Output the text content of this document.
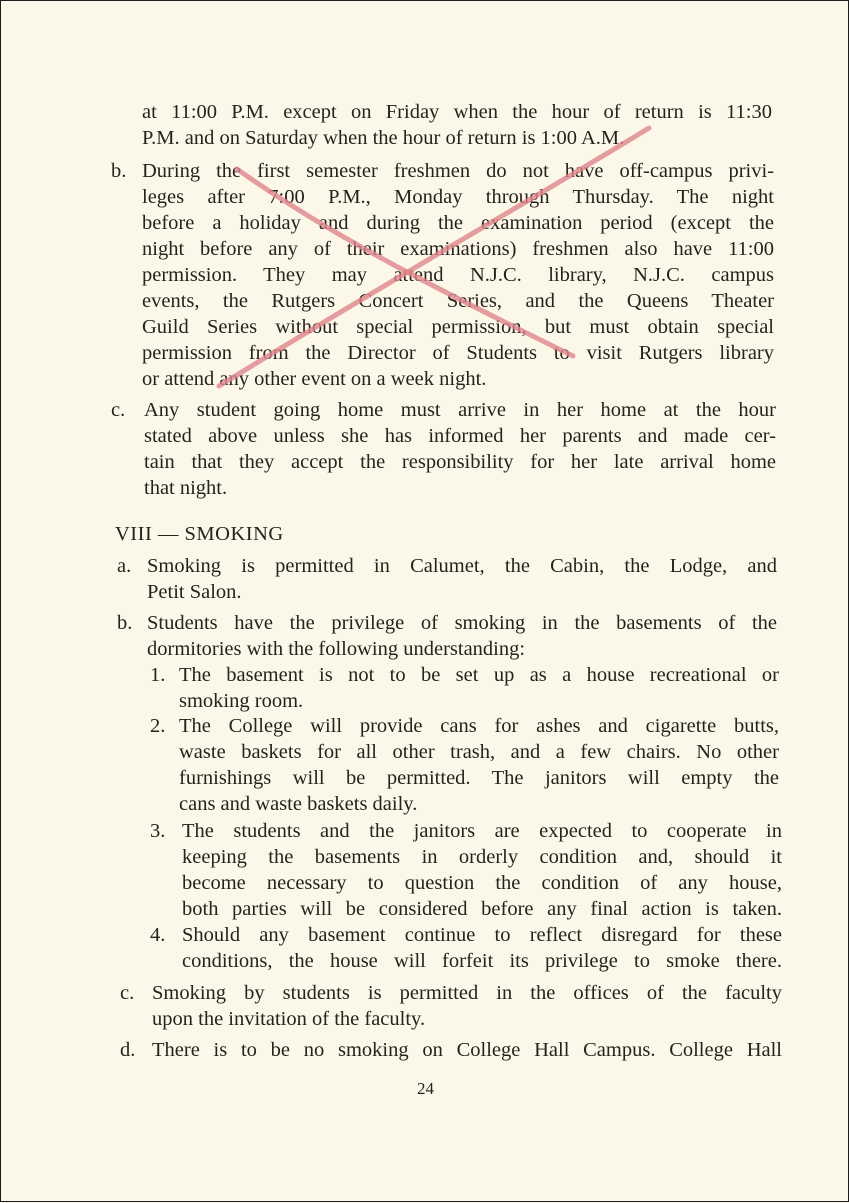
at 11:00 P.M. except on Friday when the hour of return is 11:30
P.M. and on Saturday when the hour of return is 1:00 A.M.
b. During the first semester freshmen do not have off-campus privi-
leges after 7:00 P.M., Monday through Thursday. The night
before a holiday and during the examination period (except the
night before any of their examinations) freshmen also have 11:00
permission. They may attend N.J.C. library, N.J.C. campus
events, the Rutgers Concert Series, and the Queens Theater
Guild Series without special permission, but must obtain special
permission from the Director of Students to visit Rutgers library
or attend any other event on a week night.
c. Any student going home must arrive in her home at the hour
stated above unless she has informed her parents and made cer-
tain that they accept the responsibility for her late arrival home
that night.
VIII — SMOKING
a. Smoking is permitted in Calumet, the Cabin, the Lodge, and
Petit Salon.
b. Students have the privilege of smoking in the basements of the
dormitories with the following understanding:
1. The basement is not to be set up as a house recreational or
smoking room.
2. The College will provide cans for ashes and cigarette butts,
waste baskets for all other trash, and a few chairs. No other
furnishings will be permitted. The janitors will empty the
cans and waste baskets daily.
3. The students and the janitors are expected to cooperate in
keeping the basements in orderly condition and, should it
become necessary to question the condition of any house,
both parties will be considered before any final action is taken.
4. Should any basement continue to reflect disregard for these
conditions, the house will forfeit its privilege to smoke there.
c. Smoking by students is permitted in the offices of the faculty
upon the invitation of the faculty.
d. There is to be no smoking on College Hall Campus. College Hall
24
